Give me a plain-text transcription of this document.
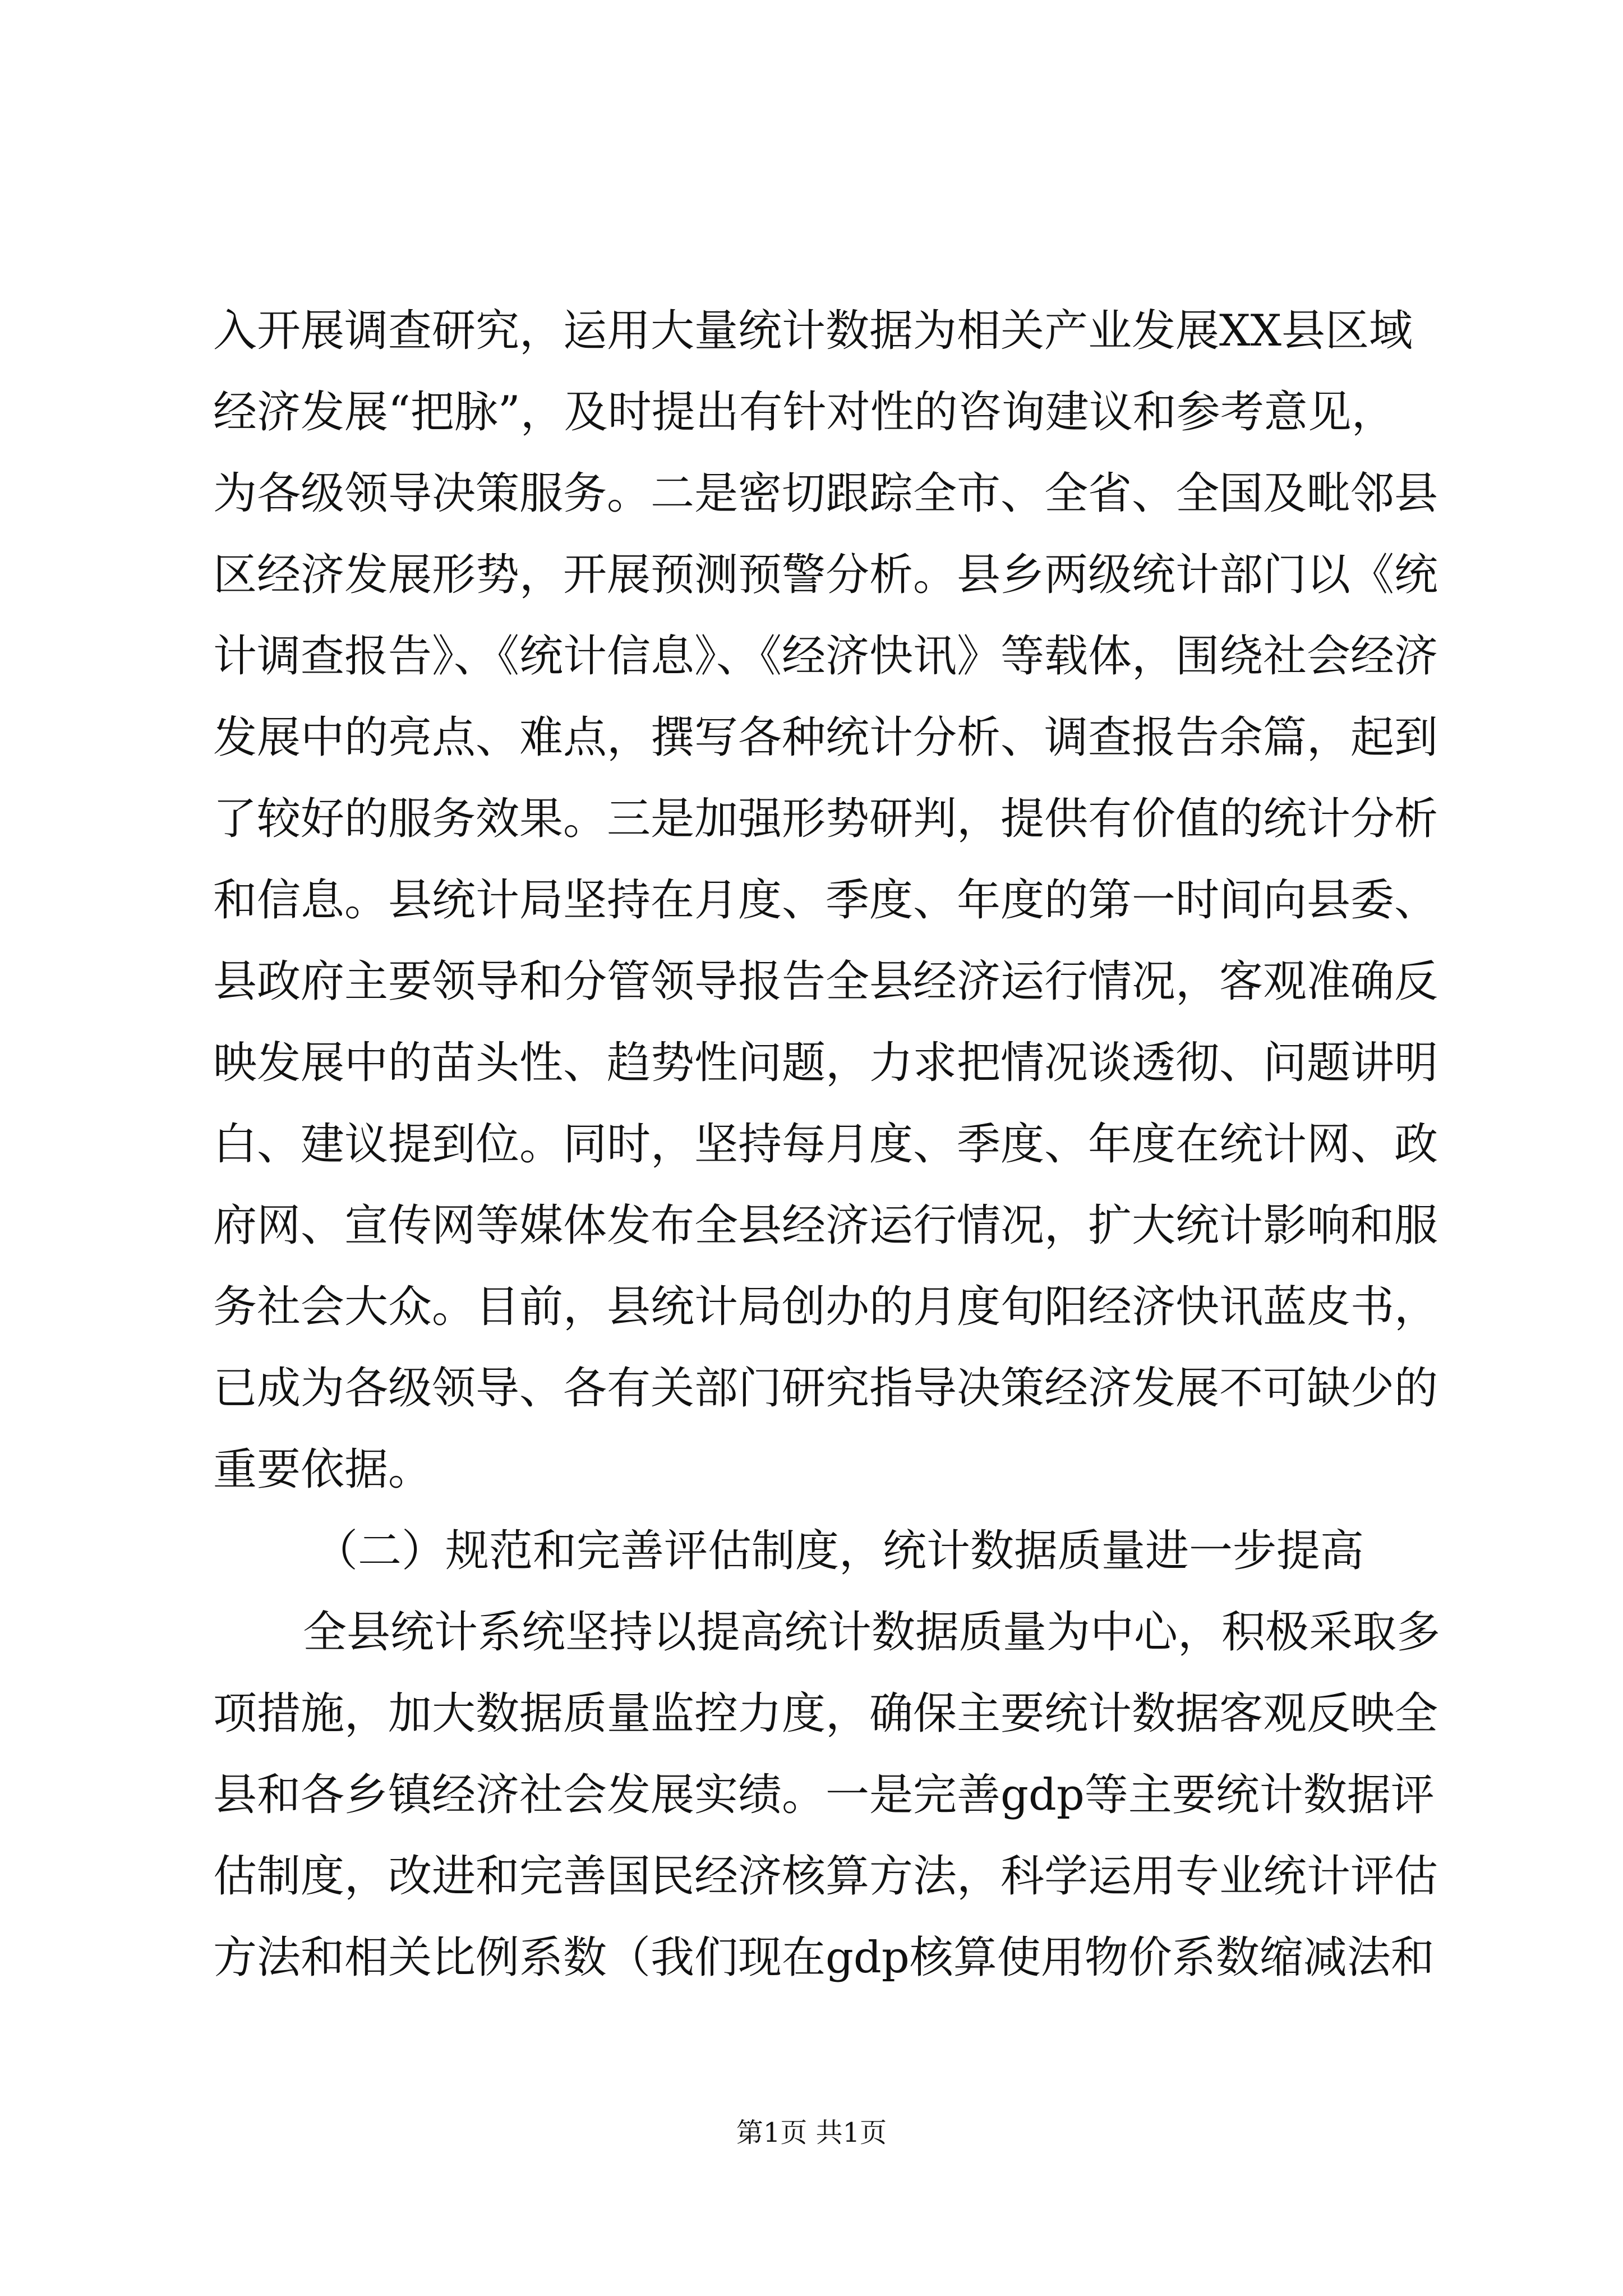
入开展调查研究，运用大量统计数据为相关产业发展XX县区域

经济发展“把脉”，及时提出有针对性的咨询建议和参考意见，

为各级领导决策服务。二是密切跟踪全市、全省、全国及毗邻县

区经济发展形势，开展预测预警分析。县乡两级统计部门以《统

计调查报告》、《统计信息》、《经济快讯》等载体，围绕社会经济

发展中的亮点、难点，撰写各种统计分析、调查报告余篇，起到

了较好的服务效果。三是加强形势研判，提供有价值的统计分析

和信息。县统计局坚持在月度、季度、年度的第一时间向县委、

县政府主要领导和分管领导报告全县经济运行情况，客观准确反

映发展中的苗头性、趋势性问题，力求把情况谈透彻、问题讲明

白、建议提到位。同时，坚持每月度、季度、年度在统计网、政

府网、宣传网等媒体发布全县经济运行情况，扩大统计影响和服

务社会大众。目前，县统计局创办的月度旬阳经济快讯蓝皮书，

已成为各级领导、各有关部门研究指导决策经济发展不可缺少的

重要依据。

（二）规范和完善评估制度，统计数据质量进一步提高

全县统计系统坚持以提高统计数据质量为中心，积极采取多

项措施，加大数据质量监控力度，确保主要统计数据客观反映全

县和各乡镇经济社会发展实绩。一是完善gdp等主要统计数据评

估制度，改进和完善国民经济核算方法，科学运用专业统计评估

方法和相关比例系数（我们现在gdp核算使用物价系数缩减法和

第1页 共1页
